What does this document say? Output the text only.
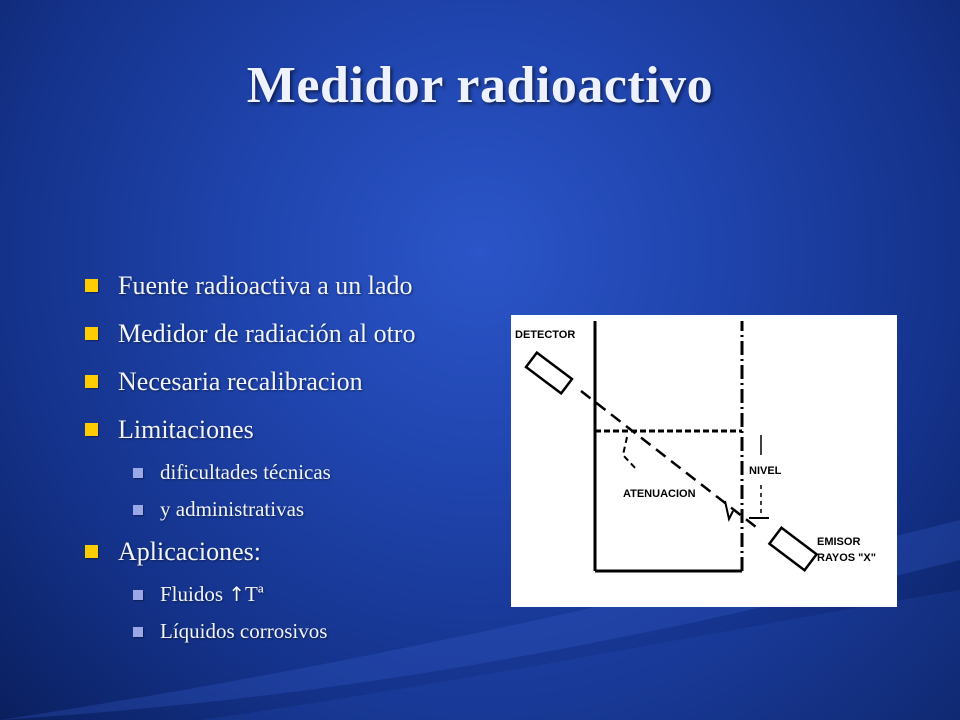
Medidor radioactivo
Fuente radioactiva a un lado
Medidor de radiación al otro
Necesaria recalibracion
Limitaciones
dificultades técnicas
y administrativas
Aplicaciones:
Fluidos ↑Tª
Líquidos corrosivos
DETECTOR
NIVEL
ATENUACION
EMISOR
RAYOS "X"
